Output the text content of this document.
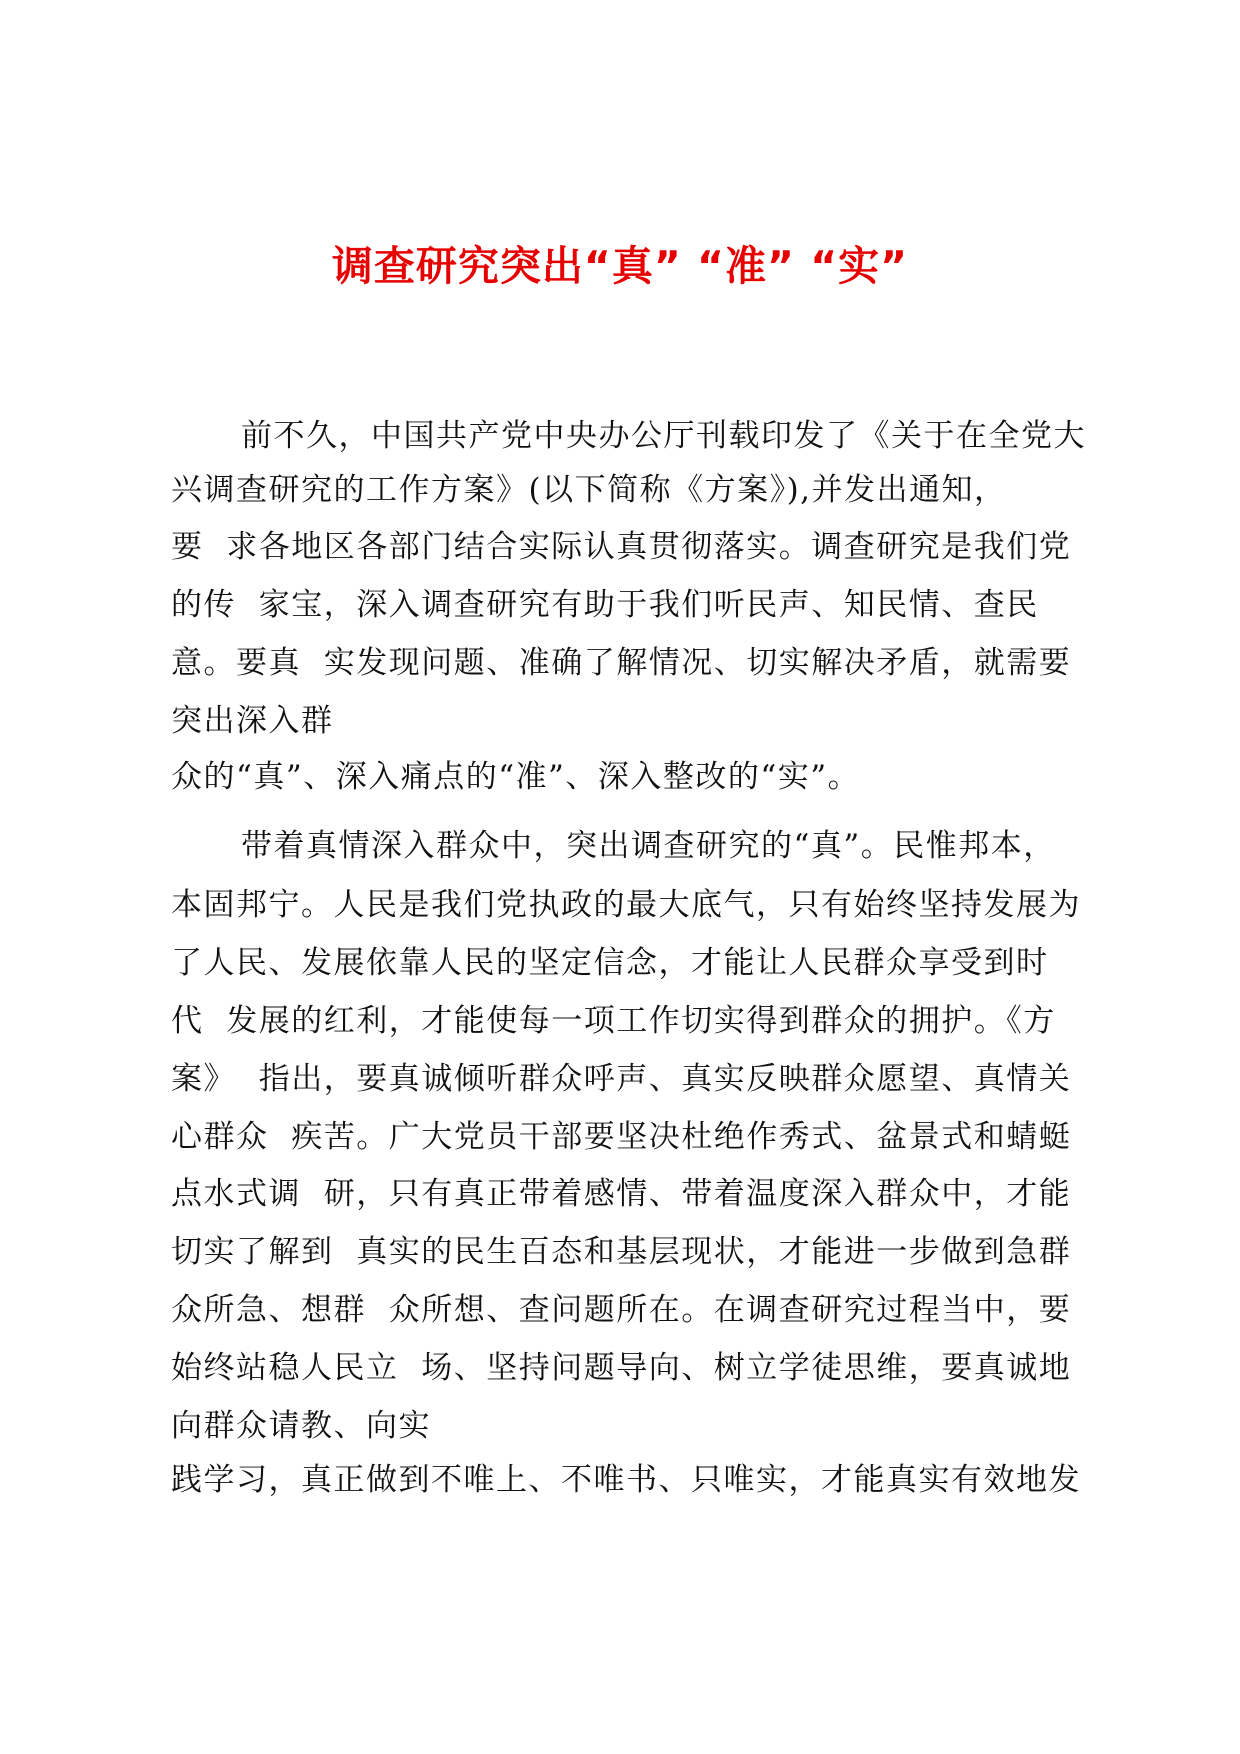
调查研究突出“真” “准” “实”
前不久，中国共产党中央办公厅刊载印发了《关于在全党大
兴调查研究的工作方案》(以下简称《方案》),并发出通知，
要  求各地区各部门结合实际认真贯彻落实。调查研究是我们党
的传  家宝，深入调查研究有助于我们听民声、知民情、查民
意。要真  实发现问题、准确了解情况、切实解决矛盾，就需要
突出深入群
众的“真”、深入痛点的“准”、深入整改的“实”。
带着真情深入群众中，突出调查研究的“真”。民惟邦本，
本固邦宁。人民是我们党执政的最大底气，只有始终坚持发展为
了人民、发展依靠人民的坚定信念，才能让人民群众享受到时
代  发展的红利，才能使每一项工作切实得到群众的拥护。《方
案》  指出，要真诚倾听群众呼声、真实反映群众愿望、真情关
心群众  疾苦。广大党员干部要坚决杜绝作秀式、盆景式和蜻蜓
点水式调  研，只有真正带着感情、带着温度深入群众中，才能
切实了解到  真实的民生百态和基层现状，才能进一步做到急群
众所急、想群  众所想、查问题所在。在调查研究过程当中，要
始终站稳人民立  场、坚持问题导向、树立学徒思维，要真诚地
向群众请教、向实
践学习，真正做到不唯上、不唯书、只唯实，才能真实有效地发
